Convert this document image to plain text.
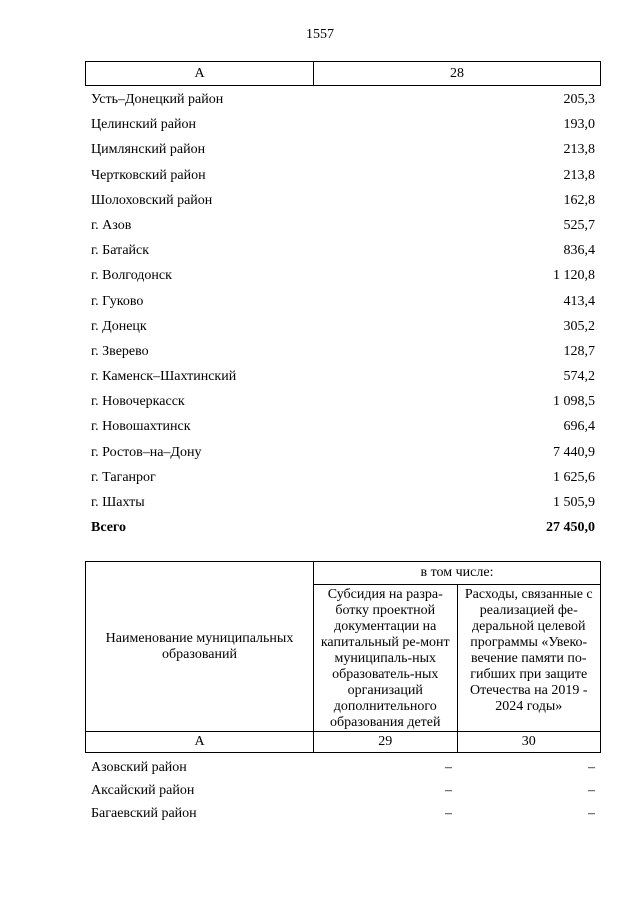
1557
А	28
Усть–Донецкий район	205,3
Целинский район	193,0
Цимлянский район	213,8
Чертковский район	213,8
Шолоховский район	162,8
г. Азов	525,7
г. Батайск	836,4
г. Волгодонск	1 120,8
г. Гуково	413,4
г. Донецк	305,2
г. Зверево	128,7
г. Каменск–Шахтинский	574,2
г. Новочеркасск	1 098,5
г. Новошахтинск	696,4
г. Ростов–на–Дону	7 440,9
г. Таганрог	1 625,6
г. Шахты	1 505,9
Всего	27 450,0
Наименование муниципальных образований	в том числе:	
	Субсидия на разра-ботку проектной документации на капитальный ре-монт муниципаль-ных образователь-ных организаций дополнительного образования детей	Расходы, связанные с реализацией фе-деральной целевой программы «Увеко-вечение памяти по-гибших при защите Отечества на 2019 - 2024 годы»
А	29	30
Азовский район	–	–
Аксайский район	–	–
Багаевский район	–	–
